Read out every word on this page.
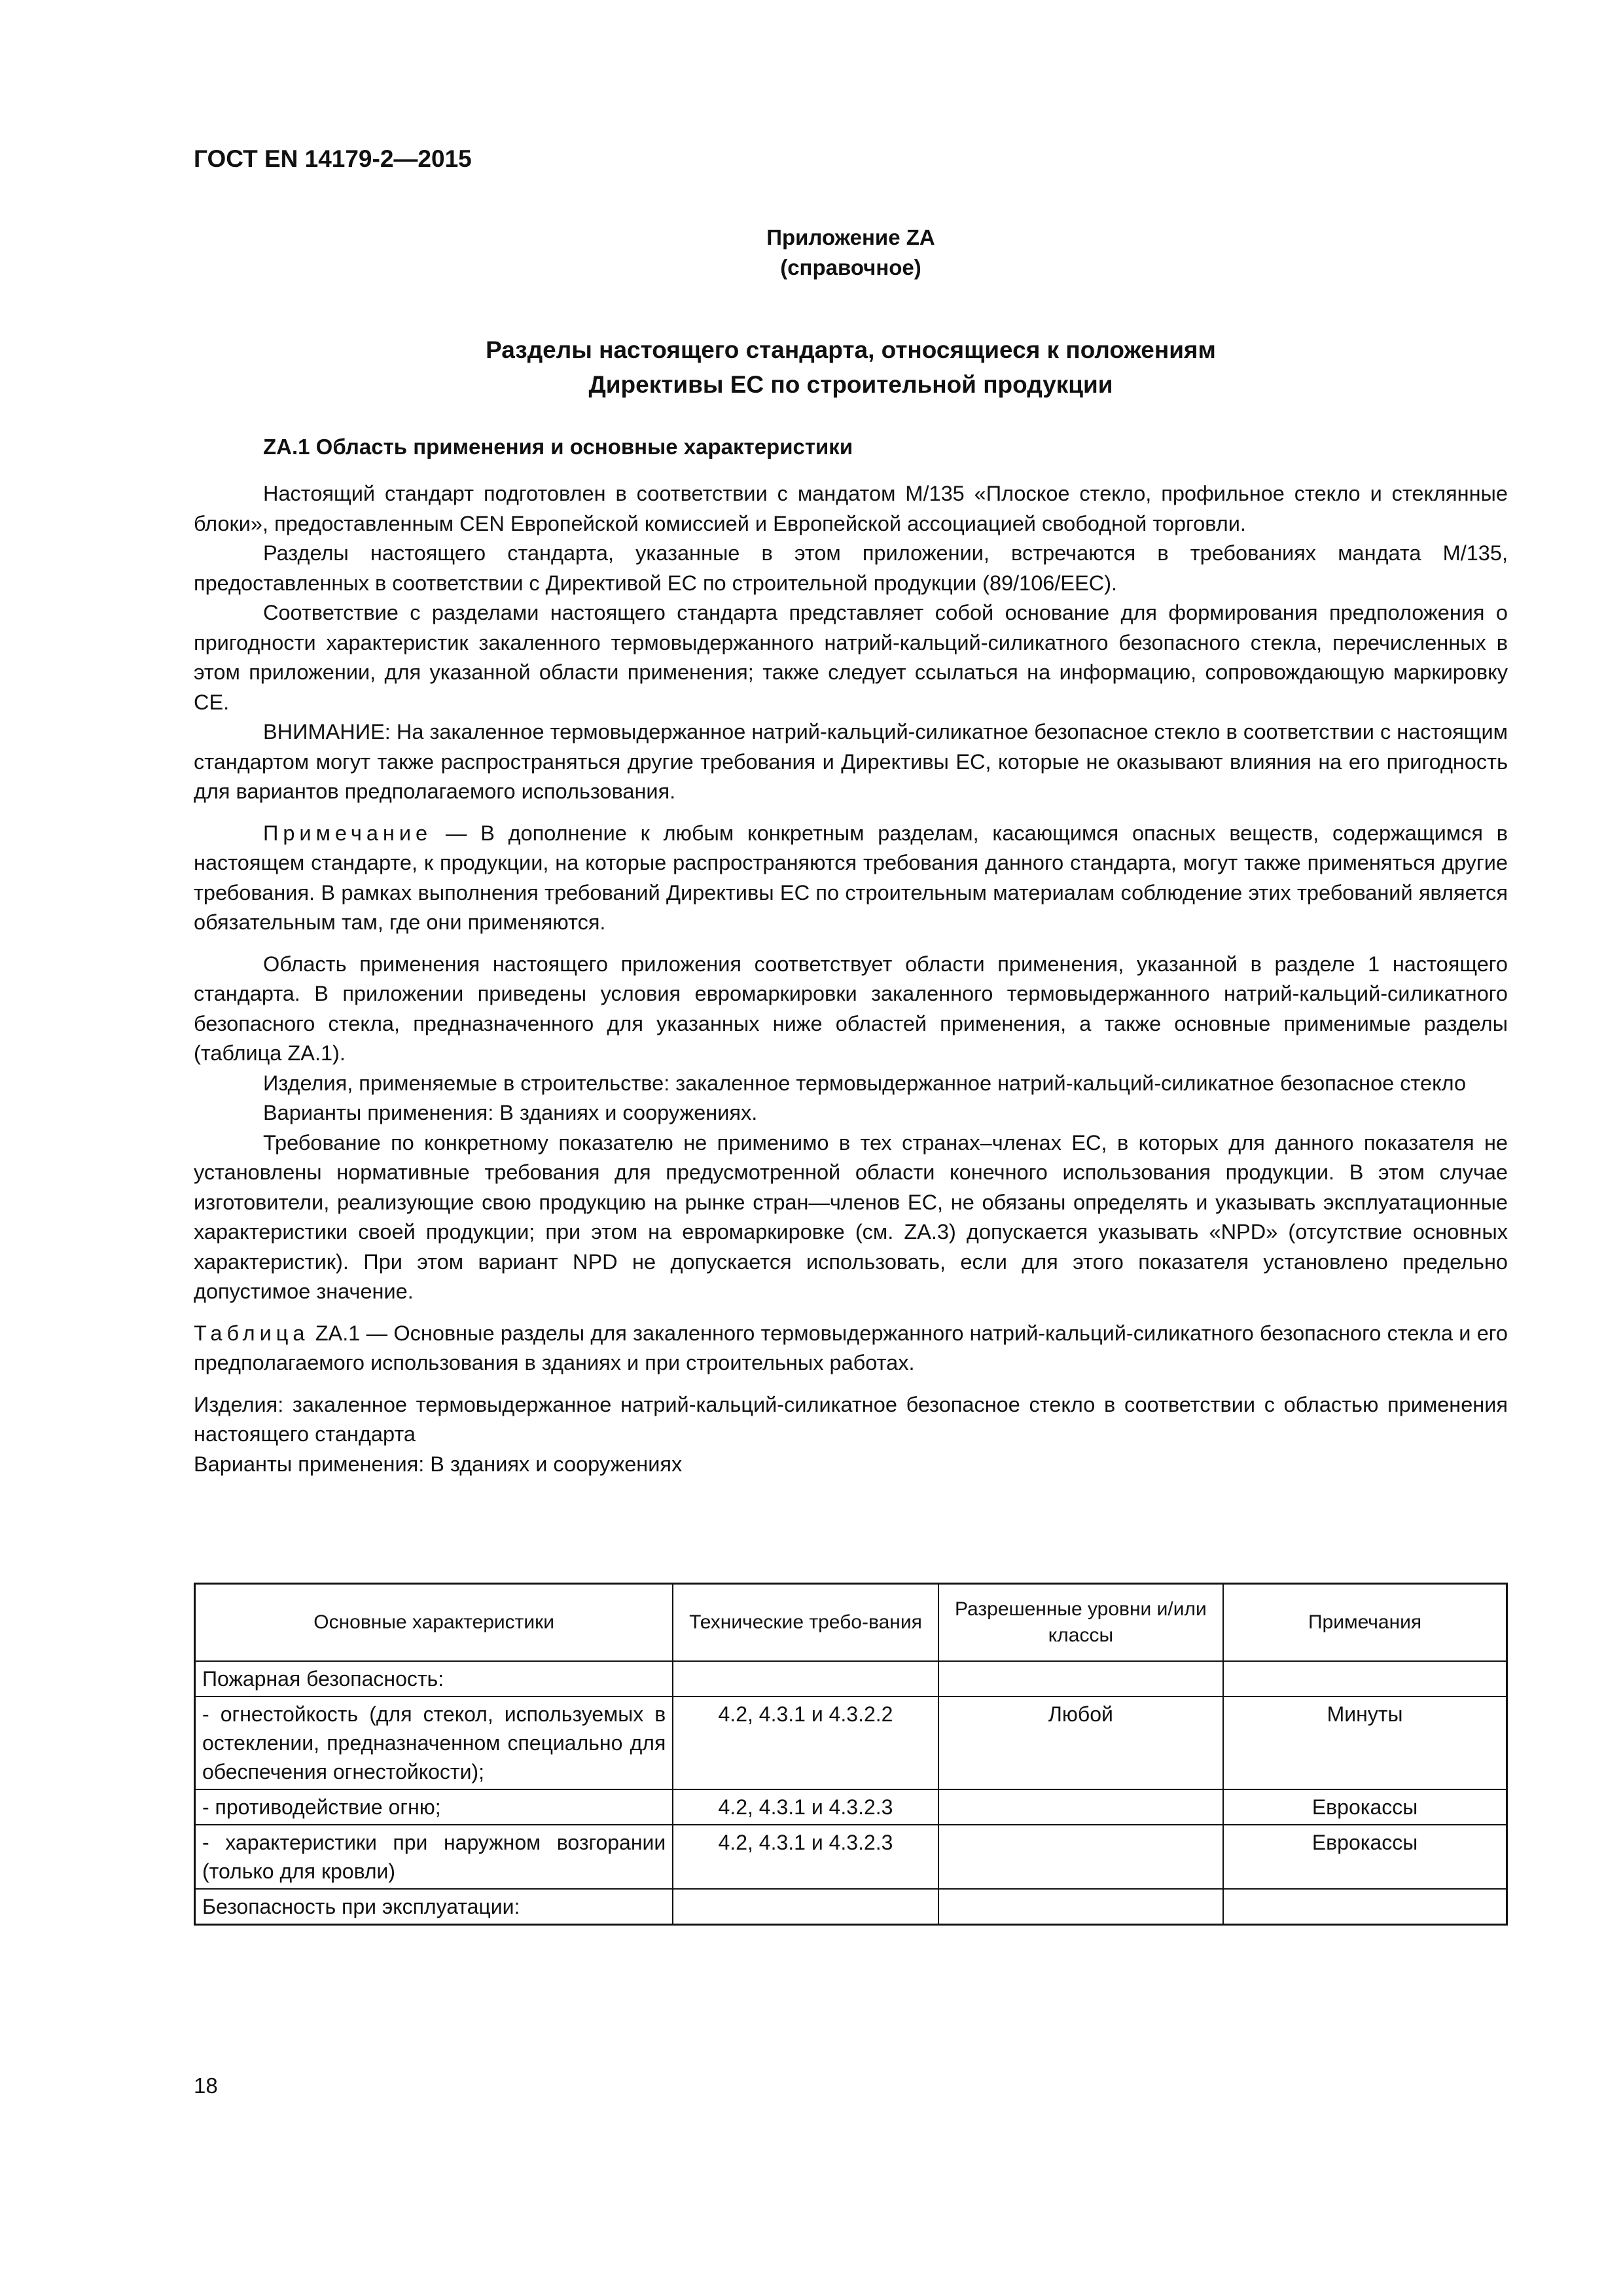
ГОСТ EN 14179-2—2015
Приложение ZA
(справочное)
Разделы настоящего стандарта, относящиеся к положениям
Директивы ЕС по строительной продукции
ZA.1 Область применения и основные характеристики

Настоящий стандарт подготовлен в соответствии с мандатом М/135 «Плоское стекло, профильное стекло и стеклянные блоки», предоставленным CEN Европейской комиссией и Европейской ассоциацией свободной торговли.

Разделы настоящего стандарта, указанные в этом приложении, встречаются в требованиях мандата М/135, предоставленных в соответствии с Директивой ЕС по строительной продукции (89/106/EEC).

Соответствие с разделами настоящего стандарта представляет собой основание для формирования предположения о пригодности характеристик закаленного термовыдержанного натрий-кальций-силикатного безопасного стекла, перечисленных в этом приложении, для указанной области применения; также следует ссылаться на информацию, сопровождающую маркировку СЕ.

ВНИМАНИЕ: На закаленное термовыдержанное натрий-кальций-силикатное безопасное стекло в соответствии с настоящим стандартом могут также распространяться другие требования и Директивы ЕС, которые не оказывают влияния на его пригодность для вариантов предполагаемого использования.

Примечание — В дополнение к любым конкретным разделам, касающимся опасных веществ, содержащимся в настоящем стандарте, к продукции, на которые распространяются требования данного стандарта, могут также применяться другие требования. В рамках выполнения требований Директивы ЕС по строительным материалам соблюдение этих требований является обязательным там, где они применяются.

Область применения настоящего приложения соответствует области применения, указанной в разделе 1 настоящего стандарта. В приложении приведены условия евромаркировки закаленного термовыдержанного натрий-кальций-силикатного безопасного стекла, предназначенного для указанных ниже областей применения, а также основные применимые разделы (таблица ZA.1).

Изделия, применяемые в строительстве: закаленное термовыдержанное натрий-кальций-силикатное безопасное стекло

Варианты применения: В зданиях и сооружениях.

Требование по конкретному показателю не применимо в тех странах–членах ЕС, в которых для данного показателя не установлены нормативные требования для предусмотренной области конечного использования продукции. В этом случае изготовители, реализующие свою продукцию на рынке стран—членов ЕС, не обязаны определять и указывать эксплуатационные характеристики своей продукции; при этом на евромаркировке (см. ZA.3) допускается указывать «NPD» (отсутствие основных характеристик). При этом вариант NPD не допускается использовать, если для этого показателя установлено предельно допустимое значение.

Таблица ZA.1 — Основные разделы для закаленного термовыдержанного натрий-кальций-силикатного безопасного стекла и его предполагаемого использования в зданиях и при строительных работах.

Изделия: закаленное термовыдержанное натрий-кальций-силикатное безопасное стекло в соответствии с областью применения настоящего стандарта

Варианты применения: В зданиях и сооружениях

Основные характеристики	Технические требо-вания	Разрешенные уровни и/или классы	Примечания
Пожарная безопасность:			
- огнестойкость (для стекол, используемых в остеклении, предназначенном специально для обеспечения огнестойкости);	4.2, 4.3.1 и 4.3.2.2	Любой	Минуты
- противодействие огню;	4.2, 4.3.1 и 4.3.2.3		Еврокассы
- характеристики при наружном возгорании (только для кровли)	4.2, 4.3.1 и 4.3.2.3		Еврокассы
Безопасность при эксплуатации:			
18
